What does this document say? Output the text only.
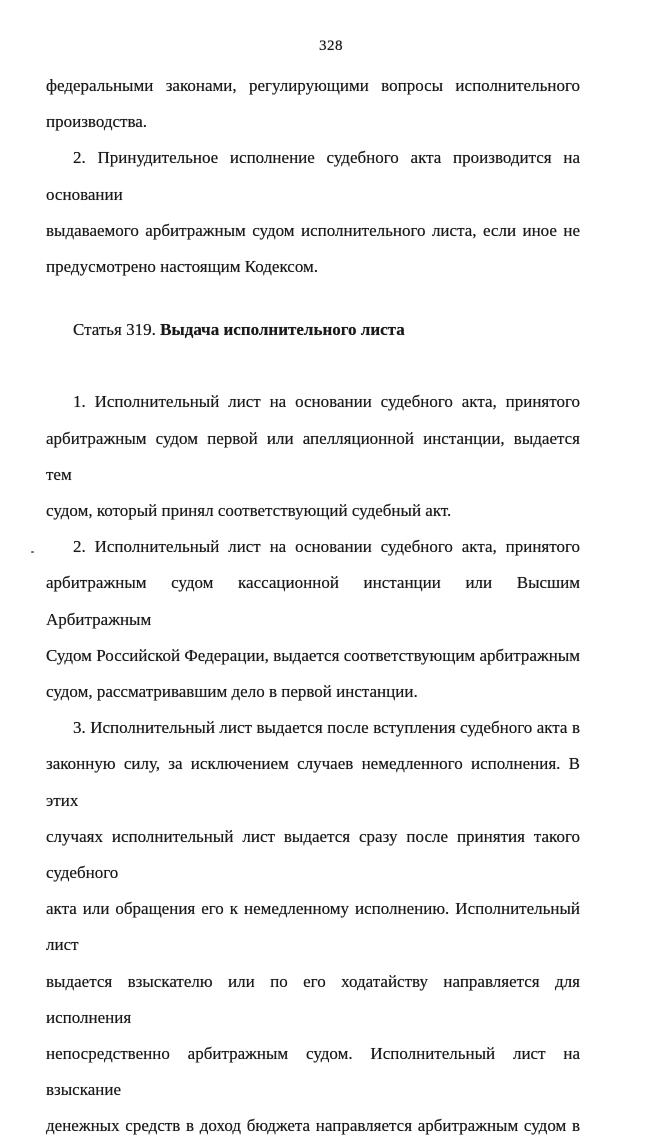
328
федеральными законами, регулирующими вопросы исполнительного
производства.
2. Принудительное исполнение судебного акта производится на основании
выдаваемого арбитражным судом исполнительного листа, если иное не
предусмотрено настоящим Кодексом.
Статья 319. Выдача исполнительного листа
1. Исполнительный лист на основании судебного акта, принятого
арбитражным судом первой или апелляционной инстанции, выдается тем
судом, который принял соответствующий судебный акт.
2. Исполнительный лист на основании судебного акта, принятого
арбитражным судом кассационной инстанции или Высшим Арбитражным
Судом Российской Федерации, выдается соответствующим арбитражным
судом, рассматривавшим дело в первой инстанции.
3. Исполнительный лист выдается после вступления судебного акта в
законную силу, за исключением случаев немедленного исполнения. В этих
случаях исполнительный лист выдается сразу после принятия такого судебного
акта или обращения его к немедленному исполнению. Исполнительный лист
выдается взыскателю или по его ходатайству направляется для исполнения
непосредственно арбитражным судом. Исполнительный лист на взыскание
денежных средств в доход бюджета направляется арбитражным судом в
